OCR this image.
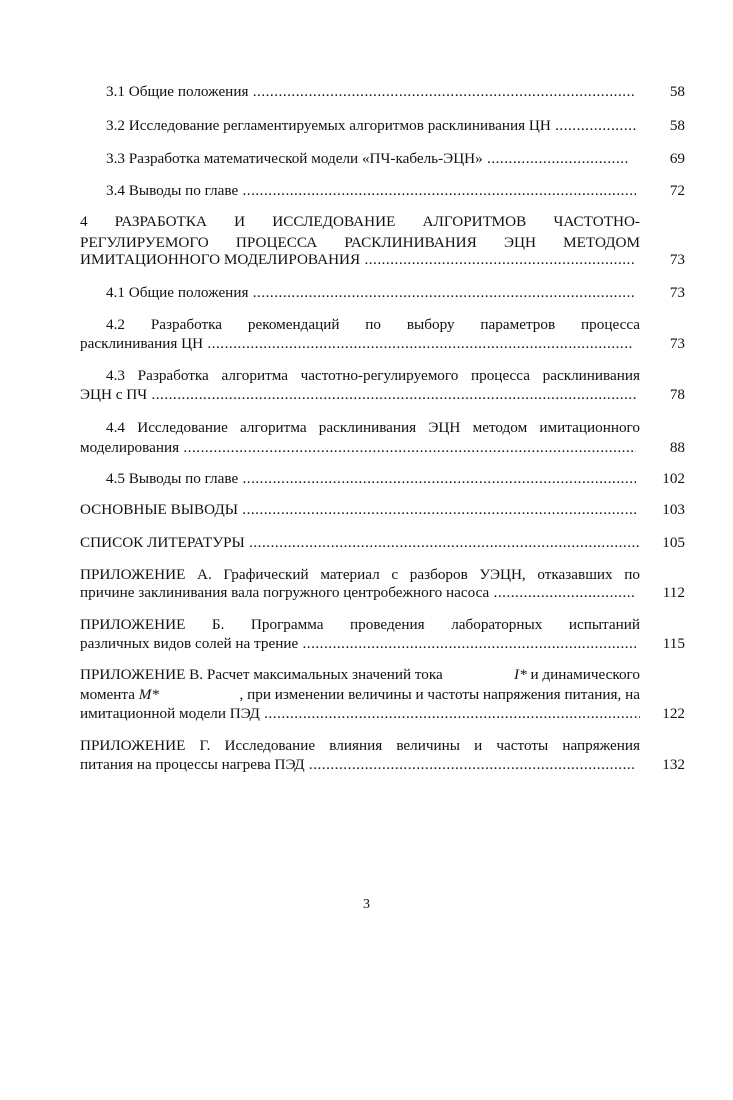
3.1 Общие положения .....	58
3.2 Исследование регламентируемых алгоритмов расклинивания ЦН .....	58
3.3 Разработка математической модели «ПЧ-кабель-ЭЦН» .....	69
3.4 Выводы по главе .....	72
4 РАЗРАБОТКА И ИССЛЕДОВАНИЕ АЛГОРИТМОВ ЧАСТОТНО-
РЕГУЛИРУЕМОГО ПРОЦЕССА РАСКЛИНИВАНИЯ ЭЦН МЕТОДОМ
ИМИТАЦИОННОГО МОДЕЛИРОВАНИЯ .....	73
4.1 Общие положения .....	73
4.2 Разработка рекомендаций по выбору параметров процесса
расклинивания ЦН .....	73
4.3 Разработка алгоритма частотно-регулируемого процесса расклинивания
ЭЦН с ПЧ .....	78
4.4 Исследование алгоритма расклинивания ЭЦН методом имитационного
моделирования .....	88
4.5 Выводы по главе .....	102
ОСНОВНЫЕ ВЫВОДЫ .....	103
СПИСОК ЛИТЕРАТУРЫ .....	105
ПРИЛОЖЕНИЕ А. Графический материал с разборов УЭЦН, отказавших по
причине заклинивания вала погружного центробежного насоса .....	112
ПРИЛОЖЕНИЕ Б. Программа проведения лабораторных испытаний
различных видов солей на трение .....	115
ПРИЛОЖЕНИЕ В. Расчет максимальных значений тока	I* и динамического
момента M*	, при изменении величины и частоты напряжения питания, на
имитационной модели ПЭД .....	122
ПРИЛОЖЕНИЕ Г. Исследование влияния величины и частоты напряжения
питания на процессы нагрева ПЭД .....	132
3
